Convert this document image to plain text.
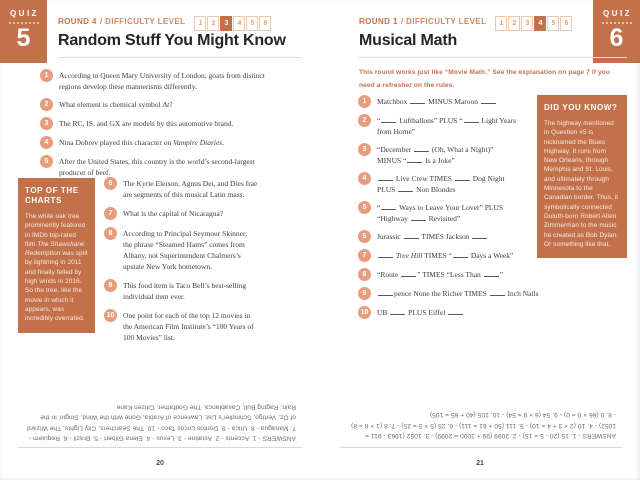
QUIZ
5
ROUND 4 / DIFFICULTY LEVEL	1 2 3 4 5 6
Random Stuff You Might Know
1	According to Queen Mary University of London, goats from distinct
regions develop these mannerisms differently.
2	What element is chemical symbol At?
3	The RC, IS, and GX are models by this automotive brand.
4	Nina Dobrev played this character on Vampire Diaries.
5	After the United States, this country is the world’s second-largest
producer of beef.
TOP OF THE CHARTS
The white oak tree prominently featured in IMDb top-rated film The Shawshank Redemption was split by lightning in 2011 and finally felled by high winds in 2016. So the tree, like the movie in which it appears, was incredibly overrated.
6	The Kyrie Eleison, Agnus Dei, and Dies Irae
are segments of this musical Latin mass.
7	What is the capital of Nicaragua?
8	According to Principal Seymour Skinner,
the phrase “Steamed Hams” comes from
Albany, not Superintendent Chalmers’s
upstate New York hometown.
9	This food item is Taco Bell’s best-selling
individual item ever.
10	One point for each of the top 12 movies in
the American Film Institute’s “100 Years of
100 Movies” list.
ANSWERS - 1. Accents - 2. Astatine - 3. Lexus - 4. Elena Gilbert - 5. Brazil - 6. Requiem - 7. Managua - 8. Utica - 9. Doritos Locos Taco - 10. The Searchers, City Lights, The Wizard of Oz, Vertigo, Schindler’s List, Lawrence of Arabia, Gone with the Wind, Singin’ in the Rain, Raging Bull, Casablanca, The Godfather, Citizen Kane
20
QUIZ
6
ROUND 1 / DIFFICULTY LEVEL	1 2 3 4 5 6
Musical Math
This round works just like “Movie Math.” See the explanation on page 7 if you
need a refresher on the rules.
1	Matchbox  MINUS Maroon
2	“ Luftballons” PLUS “ Light Years
from Home”
3	“December  (Oh, What a Night)”
MINUS “ Is a Joke”
4	Live Crew TIMES  Dog Night
PLUS  Non Blondes
5	“ Ways to Leave Your Lover” PLUS
“Highway  Revisited”
6	Jurassic  TIMES Jackson
7	Tree Hill TIMES “ Days a Week”
8	“Route ” TIMES “Less Than ”
9	pence None the Richer TIMES  Inch Nails
10	UB  PLUS Eiffel
DID YOU KNOW?
The highway mentioned in Question #5 is nicknamed the Blues Highway. It runs from New Orleans, through Memphis and St. Louis, and ultimately through Minnesota to the Canadian border. Thus, it symbolically connected Duluth-born Robert Allen Zimmerman to the music he created as Bob Dylan. Or something like that.
ANSWERS - 1. 15 (20 - 5 = 15) - 2. 2099 (99 + 2000 = 2099) - 3. 1052 (1963 - 911 = 1052) - 4. 10 (2 × 3 + 4 = 10) - 5. 111 (50 + 61 = 111) - 6. 25 (5 × 5 = 25) - 7. 8 (1 × 8 = 8) - 8. 0 (66 × 0 = 0) - 9. 54 (6 × 9 = 54) - 10. 105 (40 + 65 = 105)
21
